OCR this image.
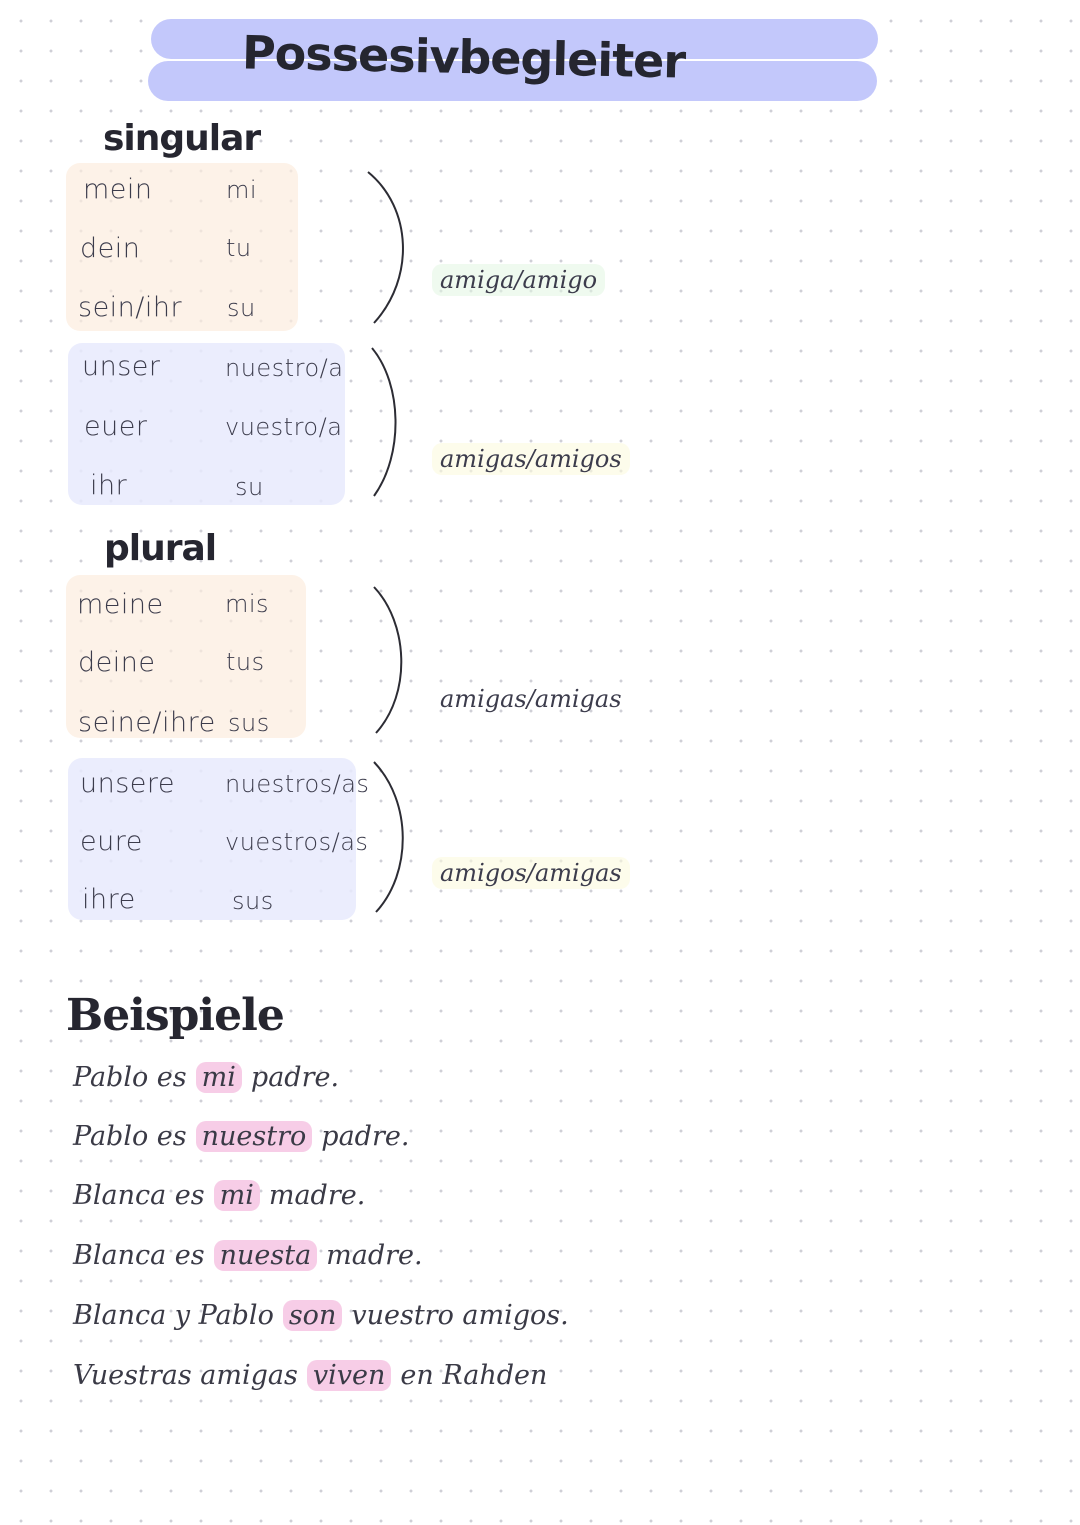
Possesivbegleiter
singular
mein	mi
dein	tu
sein/ihr su
amiga/amigo
unser	nuestro/a
euer	vuestro/a
ihr	su
amigas/amigos
plural
meine	mis
deine	tus
seine/ihre sus
amigas/amigas
unsere nuestros/as
eure	vuestros/as
ihre	sus
amigos/amigas
Beispiele
Pablo es mi padre.
Pablo es nuestro padre.
Blanca es mi madre.
Blanca es nuesta madre.
Blanca y Pablo son vuestro amigos.
Vuestras amigas viven en Rahden
